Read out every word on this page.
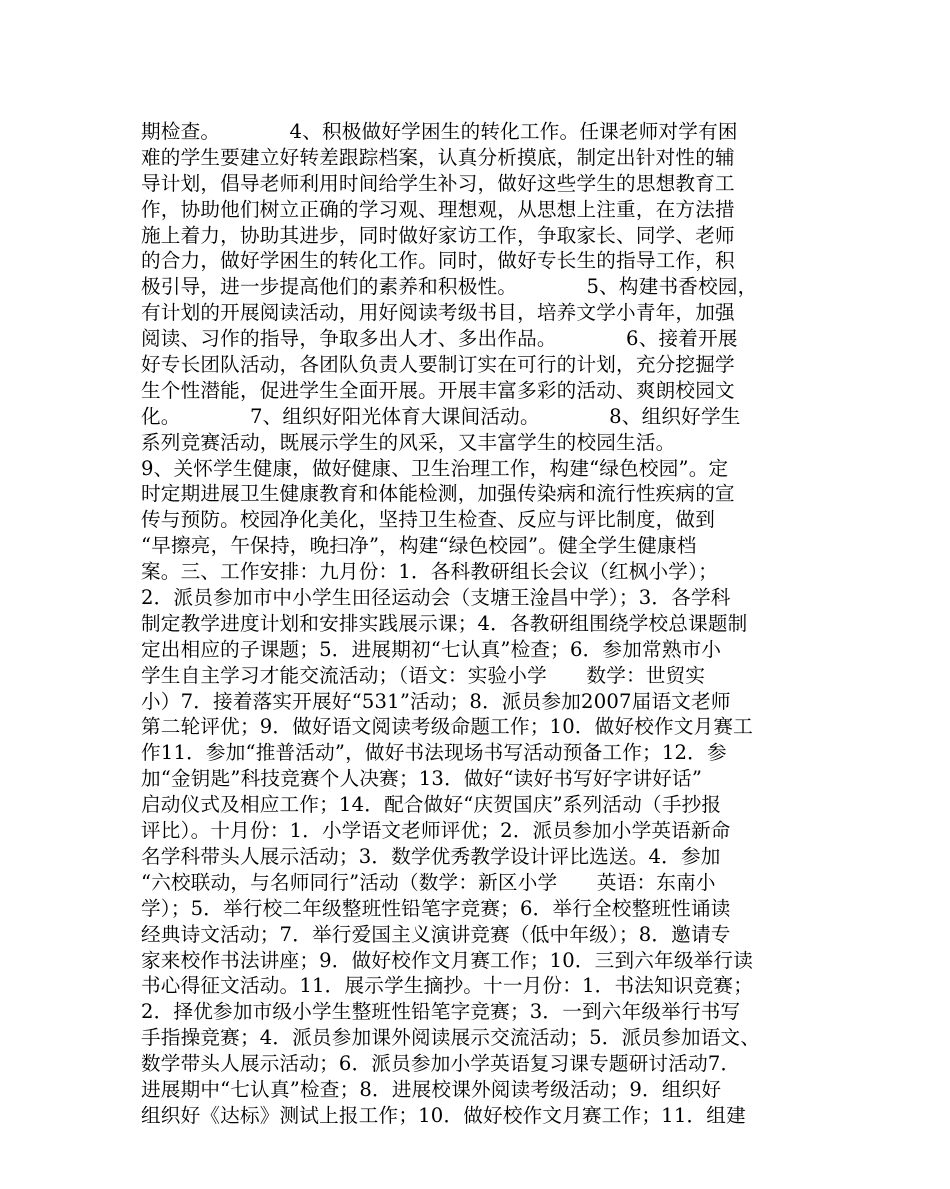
期检查。　　　　4、积极做好学困生的转化工作。任课老师对学有困
难的学生要建立好转差跟踪档案，认真分析摸底，制定出针对性的辅
导计划，倡导老师利用时间给学生补习，做好这些学生的思想教育工
作，协助他们树立正确的学习观、理想观，从思想上注重，在方法措
施上着力，协助其进步，同时做好家访工作，争取家长、同学、老师
的合力，做好学困生的转化工作。同时，做好专长生的指导工作，积
极引导，进一步提高他们的素养和积极性。　　　　5、构建书香校园，
有计划的开展阅读活动，用好阅读考级书目，培养文学小青年，加强
阅读、习作的指导，争取多出人才、多出作品。　　　　6、接着开展
好专长团队活动，各团队负责人要制订实在可行的计划，充分挖掘学
生个性潜能，促进学生全面开展。开展丰富多彩的活动、爽朗校园文
化。　　　　7、组织好阳光体育大课间活动。　　　　8、组织好学生
系列竞赛活动，既展示学生的风采，又丰富学生的校园生活。
9、关怀学生健康，做好健康、卫生治理工作，构建“绿色校园”。定
时定期进展卫生健康教育和体能检测，加强传染病和流行性疾病的宣
传与预防。校园净化美化，坚持卫生检查、反应与评比制度，做到
“早擦亮，午保持，晚扫净”，构建“绿色校园”。健全学生健康档
案。三、工作安排：九月份：1．各科教研组长会议（红枫小学）；
2．派员参加市中小学生田径运动会（支塘王淦昌中学）；3．各学科
制定教学进度计划和安排实践展示课；4．各教研组围绕学校总课题制
定出相应的子课题；5．进展期初“七认真”检查；6．参加常熟市小
学生自主学习才能交流活动；（语文：实验小学　　数学：世贸实
小）7．接着落实开展好“531”活动；8．派员参加2007届语文老师
第二轮评优；9．做好语文阅读考级命题工作；10．做好校作文月赛工
作11．参加“推普活动”，做好书法现场书写活动预备工作；12．参
加“金钥匙”科技竞赛个人决赛；13．做好“读好书写好字讲好话”
启动仪式及相应工作；14．配合做好“庆贺国庆”系列活动（手抄报
评比）。十月份：1．小学语文老师评优；2．派员参加小学英语新命
名学科带头人展示活动；3．数学优秀教学设计评比选送。4．参加
“六校联动，与名师同行”活动（数学：新区小学　　英语：东南小
学）；5．举行校二年级整班性铅笔字竞赛；6．举行全校整班性诵读
经典诗文活动；7．举行爱国主义演讲竞赛（低中年级）；8．邀请专
家来校作书法讲座；9．做好校作文月赛工作；10．三到六年级举行读
书心得征文活动。11．展示学生摘抄。十一月份：1．书法知识竞赛；
2．择优参加市级小学生整班性铅笔字竞赛；3．一到六年级举行书写
手指操竞赛；4．派员参加课外阅读展示交流活动；5．派员参加语文、
数学带头人展示活动；6．派员参加小学英语复习课专题研讨活动7．
进展期中“七认真”检查；8．进展校课外阅读考级活动；9．组织好
组织好《达标》测试上报工作；10．做好校作文月赛工作；11．组建
